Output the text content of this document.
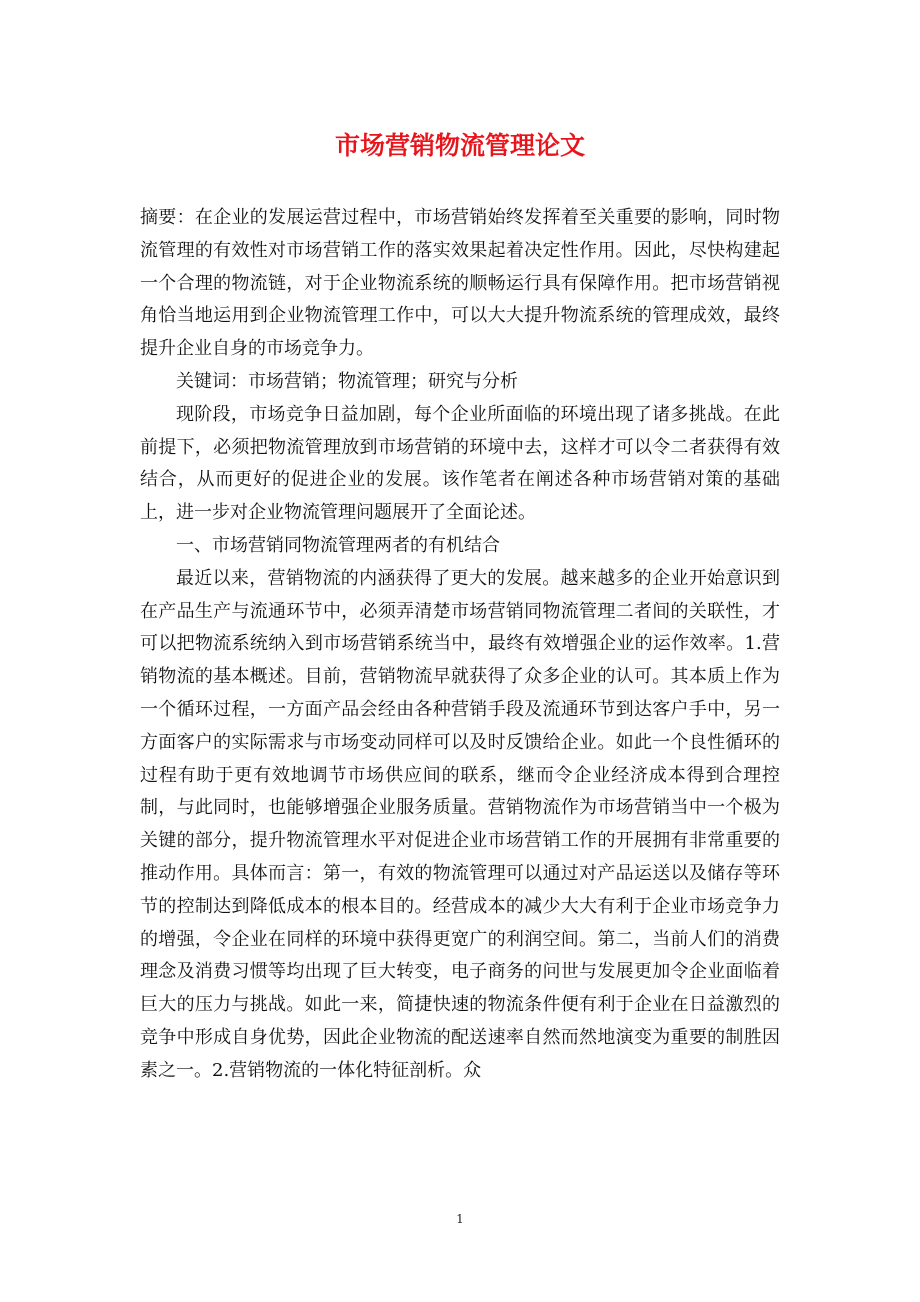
市场营销物流管理论文

摘要：在企业的发展运营过程中，市场营销始终发挥着至关重要的影响，同时物流管理的有效性对市场营销工作的落实效果起着决定性作用。因此，尽快构建起一个合理的物流链，对于企业物流系统的顺畅运行具有保障作用。把市场营销视角恰当地运用到企业物流管理工作中，可以大大提升物流系统的管理成效，最终提升企业自身的市场竞争力。

关键词：市场营销；物流管理；研究与分析

现阶段，市场竞争日益加剧，每个企业所面临的环境出现了诸多挑战。在此前提下，必须把物流管理放到市场营销的环境中去，这样才可以令二者获得有效结合，从而更好的促进企业的发展。该作笔者在阐述各种市场营销对策的基础上，进一步对企业物流管理问题展开了全面论述。

一、市场营销同物流管理两者的有机结合

最近以来，营销物流的内涵获得了更大的发展。越来越多的企业开始意识到在产品生产与流通环节中，必须弄清楚市场营销同物流管理二者间的关联性，才可以把物流系统纳入到市场营销系统当中，最终有效增强企业的运作效率。1.营销物流的基本概述。目前，营销物流早就获得了众多企业的认可。其本质上作为一个循环过程，一方面产品会经由各种营销手段及流通环节到达客户手中，另一方面客户的实际需求与市场变动同样可以及时反馈给企业。如此一个良性循环的过程有助于更有效地调节市场供应间的联系，继而令企业经济成本得到合理控制，与此同时，也能够增强企业服务质量。营销物流作为市场营销当中一个极为关键的部分，提升物流管理水平对促进企业市场营销工作的开展拥有非常重要的推动作用。具体而言：第一，有效的物流管理可以通过对产品运送以及储存等环节的控制达到降低成本的根本目的。经营成本的减少大大有利于企业市场竞争力的增强，令企业在同样的环境中获得更宽广的利润空间。第二，当前人们的消费理念及消费习惯等均出现了巨大转变，电子商务的问世与发展更加令企业面临着巨大的压力与挑战。如此一来，简捷快速的物流条件便有利于企业在日益激烈的竞争中形成自身优势，因此企业物流的配送速率自然而然地演变为重要的制胜因素之一。2.营销物流的一体化特征剖析。众

1
